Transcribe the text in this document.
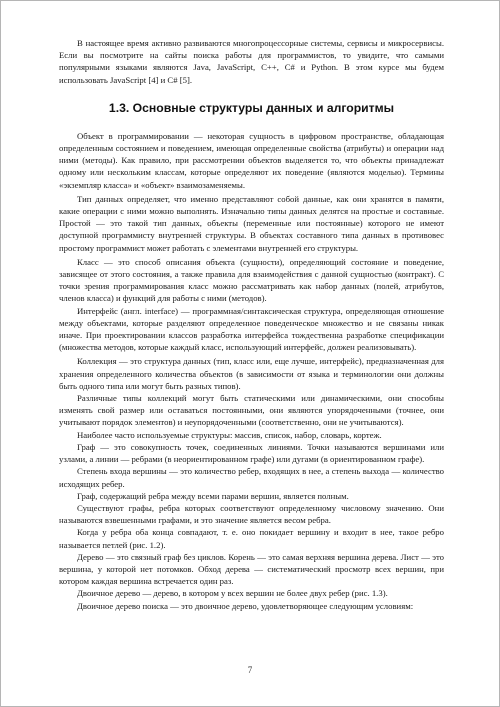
В настоящее время активно развиваются многопроцессорные системы, сервисы и микросервисы. Если вы посмотрите на сайты поиска работы для программистов, то увидите, что самыми популярными языками являются Java, JavaScript, C++, C# и Python. В этом курсе мы будем использовать JavaScript [4] и C# [5].

1.3. Основные структуры данных и алгоритмы

Объект в программировании — некоторая сущность в цифровом пространстве, обладающая определенным состоянием и поведением, имеющая определенные свойства (атрибуты) и операции над ними (методы). Как правило, при рассмотрении объектов выделяется то, что объекты принадлежат одному или нескольким классам, которые определяют их поведение (являются моделью). Термины «экземпляр класса» и «объект» взаимозаменяемы.

Тип данных определяет, что именно представляют собой данные, как они хранятся в памяти, какие операции с ними можно выполнять. Изначально типы данных делятся на простые и составные. Простой — это такой тип данных, объекты (переменные или постоянные) которого не имеют доступной программисту внутренней структуры. В объектах составного типа данных в противовес простому программист может работать с элементами внутренней его структуры.

Класс — это способ описания объекта (сущности), определяющий состояние и поведение, зависящее от этого состояния, а также правила для взаимодействия с данной сущностью (контракт). С точки зрения программирования класс можно рассматривать как набор данных (полей, атрибутов, членов класса) и функций для работы с ними (методов).

Интерфейс (англ. interface) — программная/синтаксическая структура, определяющая отношение между объектами, которые разделяют определенное поведенческое множество и не связаны никак иначе. При проектировании классов разработка интерфейса тождественна разработке спецификации (множества методов, которые каждый класс, использующий интерфейс, должен реализовывать).

Коллекция — это структура данных (тип, класс или, еще лучше, интерфейс), предназначенная для хранения определенного количества объектов (в зависимости от языка и терминологии они должны быть одного типа или могут быть разных типов).

Различные типы коллекций могут быть статическими или динамическими, они способны изменять свой размер или оставаться постоянными, они являются упорядоченными (точнее, они учитывают порядок элементов) и неупорядоченными (соответственно, они не учитываются).

Наиболее часто используемые структуры: массив, список, набор, словарь, кортеж.

Граф — это совокупность точек, соединенных линиями. Точки называются вершинами или узлами, а линии — ребрами (в неориентированном графе) или дугами (в ориентированном графе).

Степень входа вершины — это количество ребер, входящих в нее, а степень выхода — количество исходящих ребер.

Граф, содержащий ребра между всеми парами вершин, является полным.

Существуют графы, ребра которых соответствуют определенному числовому значению. Они называются взвешенными графами, и это значение является весом ребра.

Когда у ребра оба конца совпадают, т. е. оно покидает вершину и входит в нее, такое ребро называется петлей (рис. 1.2).

Дерево — это связный граф без циклов. Корень — это самая верхняя вершина дерева. Лист — это вершина, у которой нет потомков. Обход дерева — систематический просмотр всех вершин, при котором каждая вершина встречается один раз.

Двоичное дерево — дерево, в котором у всех вершин не более двух ребер (рис. 1.3).

Двоичное дерево поиска — это двоичное дерево, удовлетворяющее следующим условиям:

7
